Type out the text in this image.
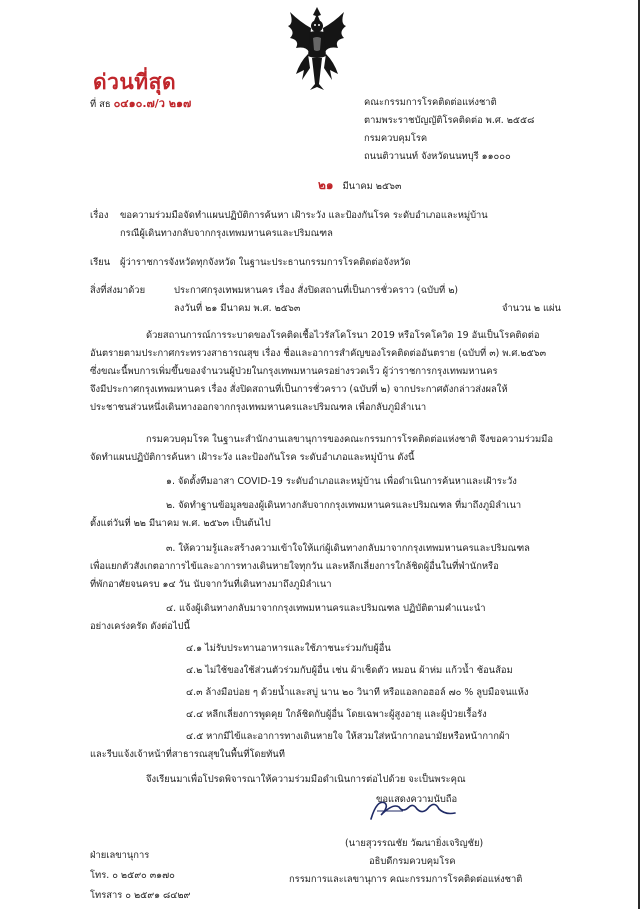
ด่วนที่สุด
ที่ สธ ๐๔๑๐.๗/ว ๒๑๗	คณะกรรมการโรคติดต่อแห่งชาติ
ตามพระราชบัญญัติโรคติดต่อ พ.ศ. ๒๕๕๘
กรมควบคุมโรค
ถนนติวานนท์ จังหวัดนนทบุรี ๑๑๐๐๐
๒๑ มีนาคม ๒๕๖๓
เรื่อง ขอความร่วมมือจัดทำแผนปฏิบัติการค้นหา เฝ้าระวัง และป้องกันโรค ระดับอำเภอและหมู่บ้าน
กรณีผู้เดินทางกลับจากกรุงเทพมหานครและปริมณฑล
เรียน ผู้ว่าราชการจังหวัดทุกจังหวัด ในฐานะประธานกรรมการโรคติดต่อจังหวัด
สิ่งที่ส่งมาด้วย	ประกาศกรุงเทพมหานคร เรื่อง สั่งปิดสถานที่เป็นการชั่วคราว (ฉบับที่ ๒)
ลงวันที่ ๒๑ มีนาคม พ.ศ. ๒๕๖๓	จำนวน ๒ แผ่น
ด้วยสถานการณ์การระบาดของโรคติดเชื้อไวรัสโคโรนา 2019 หรือโรคโควิด 19 อันเป็นโรคติดต่อ
อันตรายตามประกาศกระทรวงสาธารณสุข เรื่อง ชื่อและอาการสำคัญของโรคติดต่ออันตราย (ฉบับที่ ๓) พ.ศ.๒๕๖๓
ซึ่งขณะนี้พบการเพิ่มขึ้นของจำนวนผู้ป่วยในกรุงเทพมหานครอย่างรวดเร็ว ผู้ว่าราชการกรุงเทพมหานคร
จึงมีประกาศกรุงเทพมหานคร เรื่อง สั่งปิดสถานที่เป็นการชั่วคราว (ฉบับที่ ๒) จากประกาศดังกล่าวส่งผลให้
ประชาชนส่วนหนึ่งเดินทางออกจากกรุงเทพมหานครและปริมณฑล เพื่อกลับภูมิลำเนา
กรมควบคุมโรค ในฐานะสำนักงานเลขานุการของคณะกรรมการโรคติดต่อแห่งชาติ จึงขอความร่วมมือ
จัดทำแผนปฏิบัติการค้นหา เฝ้าระวัง และป้องกันโรค ระดับอำเภอและหมู่บ้าน ดังนี้
๑. จัดตั้งทีมอาสา COVID-19 ระดับอำเภอและหมู่บ้าน เพื่อดำเนินการค้นหาและเฝ้าระวัง
๒. จัดทำฐานข้อมูลของผู้เดินทางกลับจากกรุงเทพมหานครและปริมณฑล ที่มาถึงภูมิลำเนา
ตั้งแต่วันที่ ๒๒ มีนาคม พ.ศ. ๒๕๖๓ เป็นต้นไป
๓. ให้ความรู้และสร้างความเข้าใจให้แก่ผู้เดินทางกลับมาจากกรุงเทพมหานครและปริมณฑล
เพื่อแยกตัวสังเกตอาการไข้และอาการทางเดินหายใจทุกวัน และหลีกเลี่ยงการใกล้ชิดผู้อื่นในที่พำนักหรือ
ที่พักอาศัยจนครบ ๑๔ วัน นับจากวันที่เดินทางมาถึงภูมิลำเนา
๔. แจ้งผู้เดินทางกลับมาจากกรุงเทพมหานครและปริมณฑล ปฏิบัติตามคำแนะนำ
อย่างเคร่งครัด ดังต่อไปนี้
๔.๑ ไม่รับประทานอาหารและใช้ภาชนะร่วมกับผู้อื่น
๔.๒ ไม่ใช้ของใช้ส่วนตัวร่วมกับผู้อื่น เช่น ผ้าเช็ดตัว หมอน ผ้าห่ม แก้วน้ำ ช้อนส้อม
๔.๓ ล้างมือบ่อย ๆ ด้วยน้ำและสบู่ นาน ๒๐ วินาที หรือแอลกอฮอล์ ๗๐ % ลูบมือจนแห้ง
๔.๔ หลีกเลี่ยงการพูดคุย ใกล้ชิดกับผู้อื่น โดยเฉพาะผู้สูงอายุ และผู้ป่วยเรื้อรัง
๔.๕ หากมีไข้และอาการทางเดินหายใจ ให้สวมใส่หน้ากากอนามัยหรือหน้ากากผ้า
และรีบแจ้งเจ้าหน้าที่สาธารณสุขในพื้นที่โดยทันที
จึงเรียนมาเพื่อโปรดพิจารณาให้ความร่วมมือดำเนินการต่อไปด้วย จะเป็นพระคุณ
ขอแสดงความนับถือ
(นายสุวรรณชัย วัฒนายิ่งเจริญชัย)
อธิบดีกรมควบคุมโรค
กรรมการและเลขานุการ คณะกรรมการโรคติดต่อแห่งชาติ
ฝ่ายเลขานุการ
โทร. ๐ ๒๕๙๐ ๓๑๗๐
โทรสาร ๐ ๒๕๙๑ ๘๔๒๙
